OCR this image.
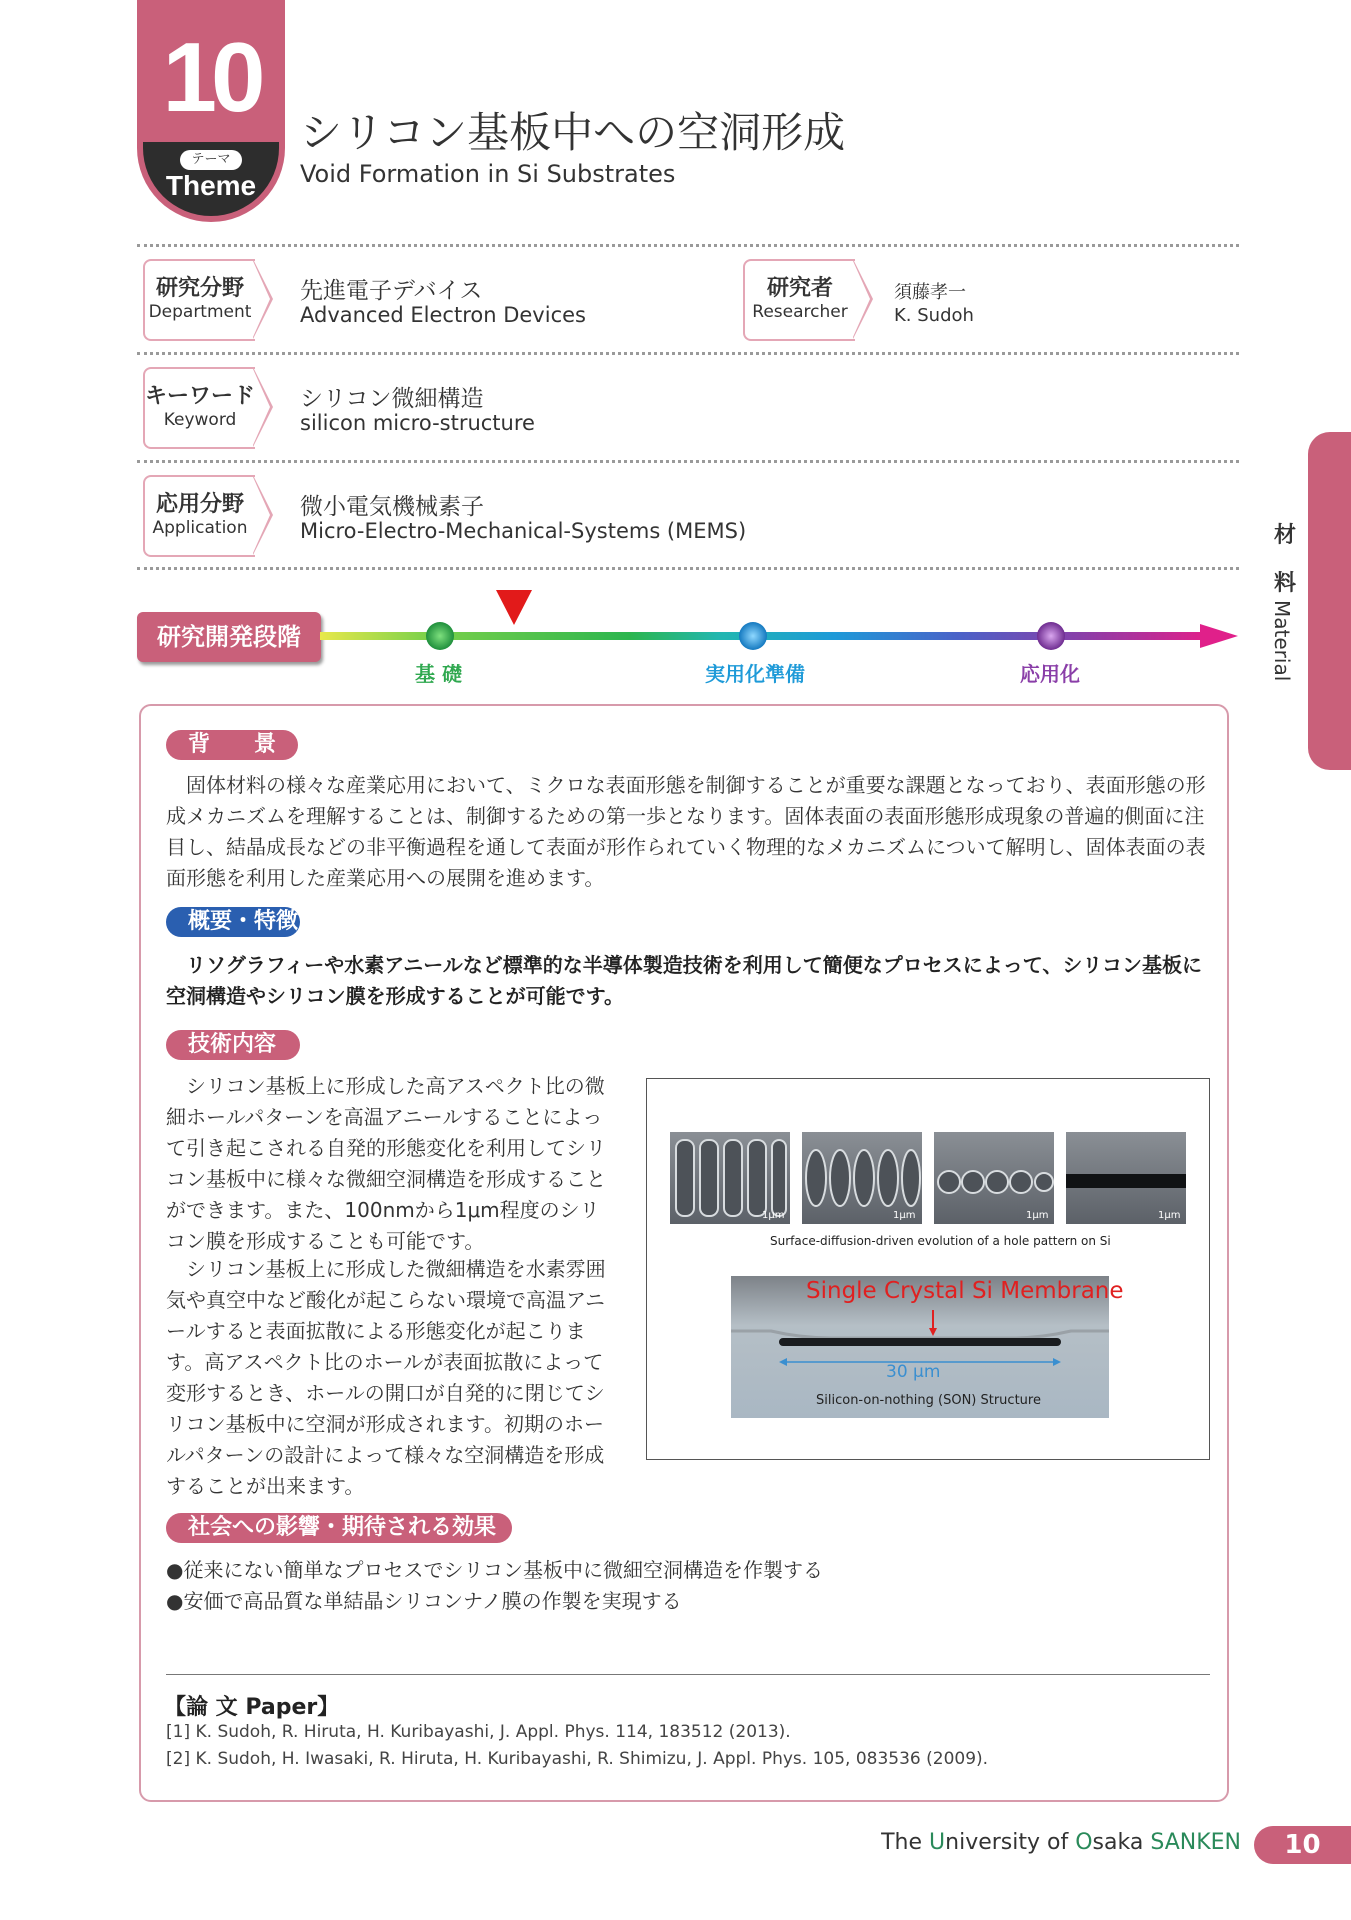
10
テーマ
Theme
シリコン基板中への空洞形成
Void Formation in Si Substrates
研究分野
Department
先進電子デバイス
Advanced Electron Devices
研究者
Researcher
須藤孝一
K. Sudoh
キーワード
Keyword
シリコン微細構造
silicon micro-structure
応用分野
Application
微小電気機械素子
Micro-Electro-Mechanical-Systems (MEMS)	材
料
Material
研究開発段階
基 礎	実用化準備	応用化
背　　景
　固体材料の様々な産業応用において、ミクロな表面形態を制御することが重要な課題となっており、表面形態の形成メカニズムを理解することは、制御するための第一歩となります。固体表面の表面形態形成現象の普遍的側面に注目し、結晶成長などの非平衡過程を通して表面が形作られていく物理的なメカニズムについて解明し、固体表面の表面形態を利用した産業応用への展開を進めます。
概要・特徴
　リソグラフィーや水素アニールなど標準的な半導体製造技術を利用して簡便なプロセスによって、シリコン基板に空洞構造やシリコン膜を形成することが可能です。
技術内容
　シリコン基板上に形成した高アスペクト比の微細ホールパターンを高温アニールすることによって引き起こされる自発的形態変化を利用してシリコン基板中に様々な微細空洞構造を形成することができます。また、100nmから1μm程度のシリコン膜を形成することも可能です。
　シリコン基板上に形成した微細構造を水素雰囲気や真空中など酸化が起こらない環境で高温アニールすると表面拡散による形態変化が起こります。高アスペクト比のホールが表面拡散によって変形するとき、ホールの開口が自発的に閉じてシリコン基板中に空洞が形成されます。初期のホールパターンの設計によって様々な空洞構造を形成することが出来ます。
1μm	1μm	1μm	1μm
Surface-diffusion-driven evolution of a hole pattern on Si
Single Crystal Si Membrane
30 μm
Silicon-on-nothing (SON) Structure
社会への影響・期待される効果
●従来にない簡単なプロセスでシリコン基板中に微細空洞構造を作製する
●安価で高品質な単結晶シリコンナノ膜の作製を実現する
【論 文 Paper】
[1] K. Sudoh, R. Hiruta, H. Kuribayashi, J. Appl. Phys. 114, 183512 (2013).
[2] K. Sudoh, H. Iwasaki, R. Hiruta, H. Kuribayashi, R. Shimizu, J. Appl. Phys. 105, 083536 (2009).
The University of Osaka SANKEN	10
